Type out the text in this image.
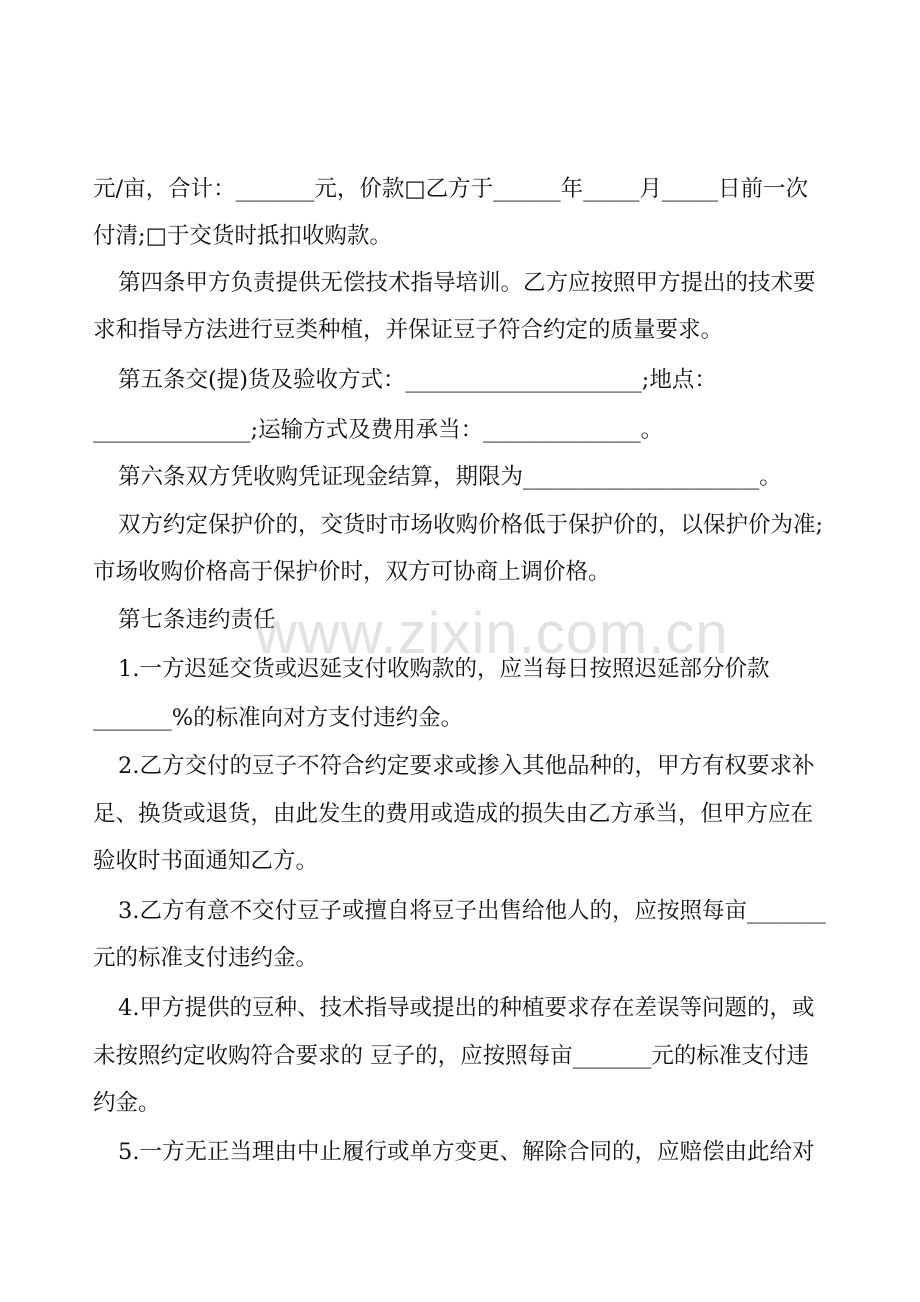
元/亩，合计：_______元，价款□乙方于______年_____月_____日前一次
付清;□于交货时抵扣收购款。
第四条甲方负责提供无偿技术指导培训。乙方应按照甲方提出的技术要
求和指导方法进行豆类种植，并保证豆子符合约定的质量要求。
第五条交(提)货及验收方式：_____________________;地点：
______________;运输方式及费用承当：______________。
第六条双方凭收购凭证现金结算，期限为_____________________。
双方约定保护价的，交货时市场收购价格低于保护价的，以保护价为准;
市场收购价格高于保护价时，双方可协商上调价格。
第七条违约责任
1.一方迟延交货或迟延支付收购款的，应当每日按照迟延部分价款
_______%的标准向对方支付违约金。
2.乙方交付的豆子不符合约定要求或掺入其他品种的，甲方有权要求补
足、换货或退货，由此发生的费用或造成的损失由乙方承当，但甲方应在
验收时书面通知乙方。
3.乙方有意不交付豆子或擅自将豆子出售给他人的，应按照每亩_______
元的标准支付违约金。
4.甲方提供的豆种、技术指导或提出的种植要求存在差误等问题的，或
未按照约定收购符合要求的 豆子的，应按照每亩_______元的标准支付违
约金。
5.一方无正当理由中止履行或单方变更、解除合同的，应赔偿由此给对
www.zixin.com.cn
